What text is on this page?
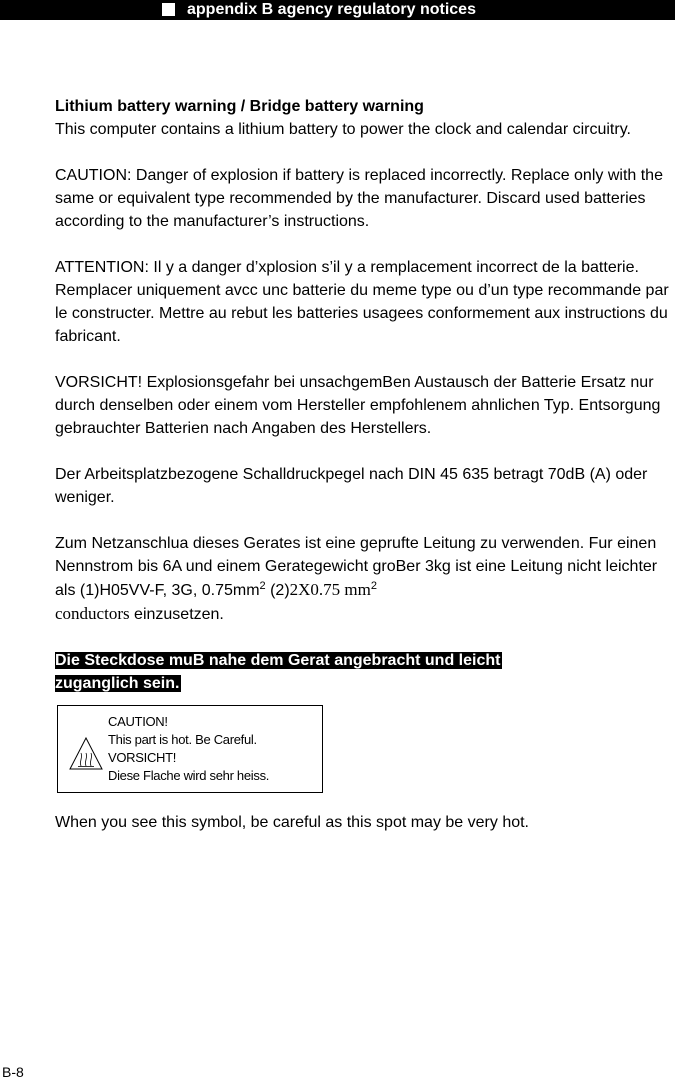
appendix B agency regulatory notices

Lithium battery warning / Bridge battery warning
This computer contains a lithium battery to power the clock and calendar circuitry.

CAUTION: Danger of explosion if battery is replaced incorrectly. Replace only with the same or equivalent type recommended by the manufacturer. Discard used batteries according to the manufacturer’s instructions.

ATTENTION: Il y a danger d’xplosion s’il y a remplacement incorrect de la batterie. Remplacer uniquement avcc unc batterie du meme type ou d’un type recommande par le constructer. Mettre au rebut les batteries usagees conformement aux instructions du fabricant.

VORSICHT! Explosionsgefahr bei unsachgemBen Austausch der Batterie Ersatz nur durch denselben oder einem vom Hersteller empfohlenem ahnlichen Typ. Entsorgung gebrauchter Batterien nach Angaben des Herstellers.

Der Arbeitsplatzbezogene Schalldruckpegel nach DIN 45 635 betragt 70dB (A) oder weniger.

Zum Netzanschlua dieses Gerates ist eine geprufte Leitung zu verwenden. Fur einen Nennstrom bis 6A und einem Gerategewicht groBer 3kg ist eine Leitung nicht leichter als (1)H05VV-F, 3G, $0.75mm^2$ (2)2X0.75 $mm^2$
conductors einzusetzen.

Die Steckdose muB nahe dem Gerat angebracht und leicht
zuganglich sein.
CAUTION!
This part is hot. Be Careful.
VORSICHT!
Diese Flache wird sehr heiss.

When you see this symbol, be careful as this spot may be very hot.

B-8
